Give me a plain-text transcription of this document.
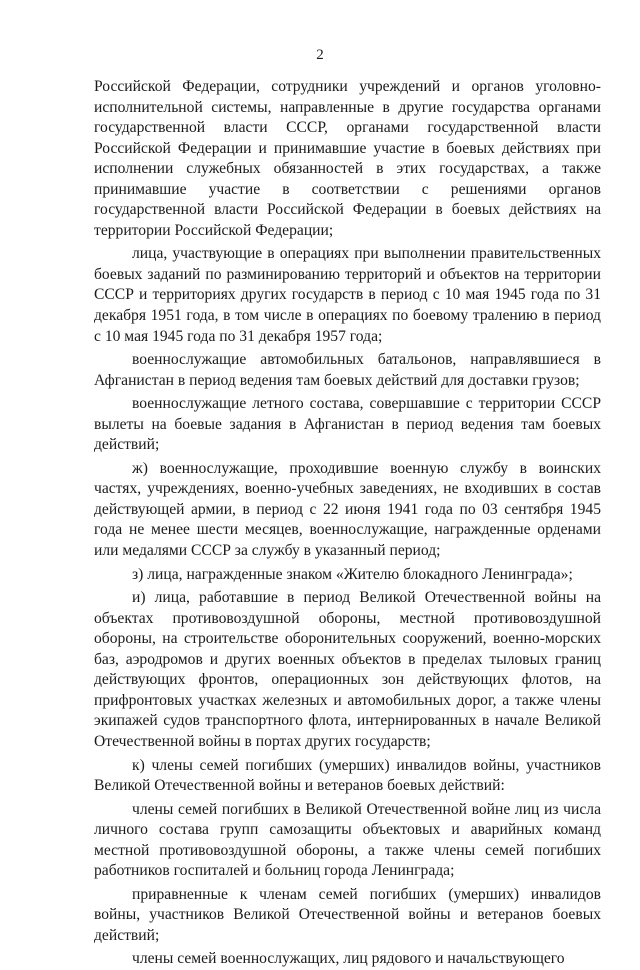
2

Российской Федерации, сотрудники учреждений и органов уголовно-исполнительной системы, направленные в другие государства органами государственной власти СССР, органами государственной власти Российской Федерации и принимавшие участие в боевых действиях при исполнении служебных обязанностей в этих государствах, а также принимавшие участие в соответствии с решениями органов государственной власти Российской Федерации в боевых действиях на территории Российской Федерации;

лица, участвующие в операциях при выполнении правительственных боевых заданий по разминированию территорий и объектов на территории СССР и территориях других государств в период с 10 мая 1945 года по 31 декабря 1951 года, в том числе в операциях по боевому тралению в период с 10 мая 1945 года по 31 декабря 1957 года;

военнослужащие автомобильных батальонов, направлявшиеся в Афганистан в период ведения там боевых действий для доставки грузов;

военнослужащие летного состава, совершавшие с территории СССР вылеты на боевые задания в Афганистан в период ведения там боевых действий;

ж) военнослужащие, проходившие военную службу в воинских частях, учреждениях, военно-учебных заведениях, не входивших в состав действующей армии, в период с 22 июня 1941 года по 03 сентября 1945 года не менее шести месяцев, военнослужащие, награжденные орденами или медалями СССР за службу в указанный период;

з) лица, награжденные знаком «Жителю блокадного Ленинграда»;

и) лица, работавшие в период Великой Отечественной войны на объектах противовоздушной обороны, местной противовоздушной обороны, на строительстве оборонительных сооружений, военно-морских баз, аэродромов и других военных объектов в пределах тыловых границ действующих фронтов, операционных зон действующих флотов, на прифронтовых участках железных и автомобильных дорог, а также члены экипажей судов транспортного флота, интернированных в начале Великой Отечественной войны в портах других государств;

к) члены семей погибших (умерших) инвалидов войны, участников Великой Отечественной войны и ветеранов боевых действий:

члены семей погибших в Великой Отечественной войне лиц из числа личного состава групп самозащиты объектовых и аварийных команд местной противовоздушной обороны, а также члены семей погибших работников госпиталей и больниц города Ленинграда;

приравненные к членам семей погибших (умерших) инвалидов войны, участников Великой Отечественной войны и ветеранов боевых действий;

члены семей военнослужащих, лиц рядового и начальствующего
